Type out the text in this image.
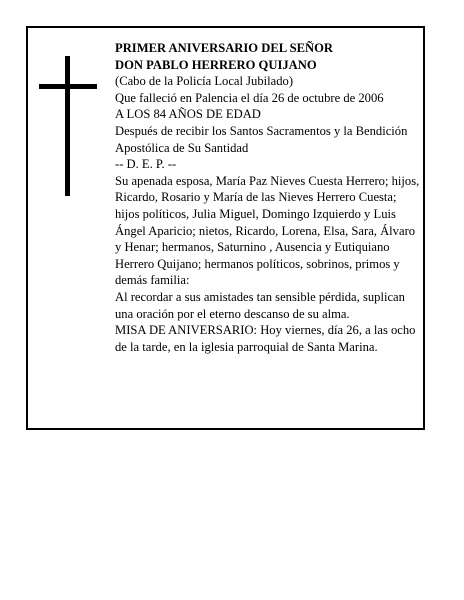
PRIMER ANIVERSARIO DEL SEÑOR
DON PABLO HERRERO QUIJANO
(Cabo de la Policía Local Jubilado)
Que falleció en Palencia el día 26 de octubre de 2006
A LOS 84 AÑOS DE EDAD
Después de recibir los Santos Sacramentos y la Bendición Apostólica de Su Santidad
-- D. E. P. --
Su apenada esposa, María Paz Nieves Cuesta Herrero; hijos, Ricardo, Rosario y María de las Nieves Herrero Cuesta; hijos políticos, Julia Miguel, Domingo Izquierdo y Luis Ángel Aparicio; nietos, Ricardo, Lorena, Elsa, Sara, Álvaro y Henar; hermanos, Saturnino , Ausencia y Eutiquiano Herrero Quijano; hermanos políticos, sobrinos, primos y demás familia:
Al recordar a sus amistades tan sensible pérdida, suplican una oración por el eterno descanso de su alma.
MISA DE ANIVERSARIO: Hoy viernes, día 26, a las ocho de la tarde, en la iglesia parroquial de Santa Marina.
